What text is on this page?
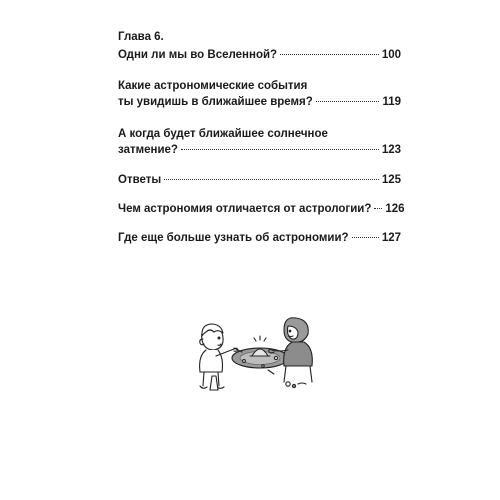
Глава 6.
Одни ли мы во Вселенной?	100
Какие астрономические события
ты увидишь в ближайшее время?	119
А когда будет ближайшее солнечное
затмение?	123
Ответы	125
Чем астрономия отличается от астрологии? 126
Где еще больше узнать об астрономии?	127
